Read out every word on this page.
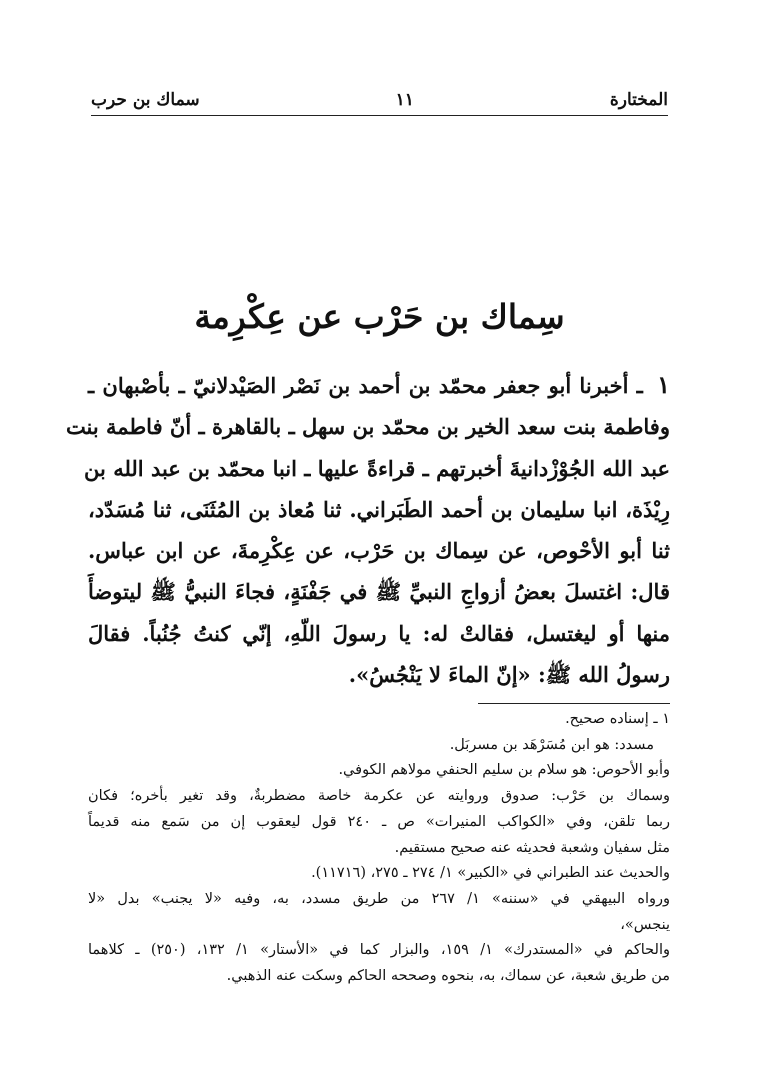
المختارة
١١
سماك بن حرب
سِماك بن حَرْب عن عِكْرِمة
١ ـ أخبرنا أبو جعفر محمّد بن أحمد بن نَصْر الصَيْدلانيّ ـ بأصْبهان ـ
وفاطمة بنت سعد الخير بن محمّد بن سهل ـ بالقاهرة ـ أنّ فاطمة بنت
عبد الله الجُوْزْدانيةَ أخبرتهم ـ قراءةً عليها ـ انبا محمّد بن عبد الله بن
رِيْذَة، انبا سليمان بن أحمد الطَبَراني. ثنا مُعاذ بن المُثَنَى، ثنا مُسَدّد،
ثنا أبو الأحْوص، عن سِماك بن حَرْب، عن عِكْرِمةَ، عن ابن عباس.
قال: اغتسلَ بعضُ أزواجِ النبيِّ ﷺ في جَفْنَةٍ، فجاءَ النبيُّ ﷺ ليتوضأَ
منها أو ليغتسل، فقالتْ له: يا رسولَ اللّهِ، إنّي كنتُ جُنُباً. فقالَ
رسولُ الله ﷺ: «إنّ الماءَ لا يَنْجُسُ».
١ ـ إسناده صحيح.
مسدد: هو ابن مُسَرْهَد بن مسربَل.
وأبو الأحوص: هو سلام بن سليم الحنفي مولاهم الكوفي.
وسماك بن حَرْب: صدوق وروايته عن عكرمة خاصة مضطربةٌ، وقد تغير بأخره؛ فكان
ربما تلقن، وفي «الكواكب المنيرات» ص ـ ٢٤٠ قول ليعقوب إن من سَمع منه قديماً
مثل سفيان وشعبة فحديثه عنه صحيح مستقيم.
والحديث عند الطبراني في «الكبير» ١/ ٢٧٤ ـ ٢٧٥، (١١٧١٦).
ورواه البيهقي في «سننه» ١/ ٢٦٧ من طريق مسدد، به، وفيه «لا يجنب» بدل «لا
ينجس»،
والحاكم في «المستدرك» ١/ ١٥٩، والبزار كما في «الأستار» ١/ ١٣٢، (٢٥٠) ـ كلاهما
من طريق شعبة، عن سماك، به، بنحوه وصححه الحاكم وسكت عنه الذهبي.
